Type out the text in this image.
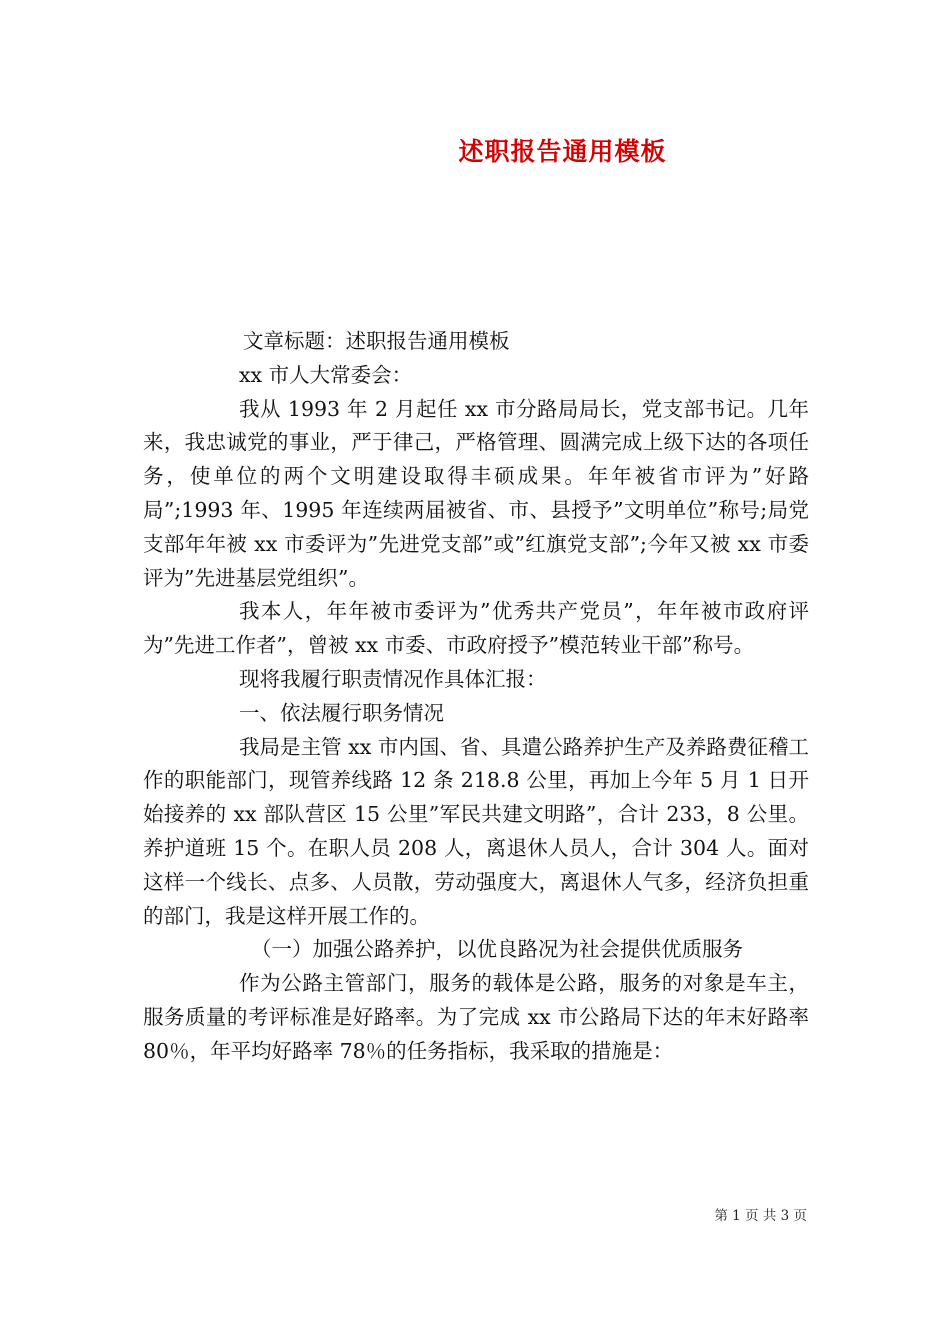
述职报告通用模板

文章标题：述职报告通用模板

xx 市人大常委会：

我从 1993 年 2 月起任 xx 市分路局局长，党支部书记。几年来，我忠诚党的事业，严于律己，严格管理、圆满完成上级下达的各项任务，使单位的两个文明建设取得丰硕成果。年年被省市评为”好路局”;1993 年、1995 年连续两届被省、市、县授予”文明单位”称号;局党支部年年被 xx 市委评为”先进党支部”或”红旗党支部”;今年又被 xx 市委评为”先进基层党组织”。

我本人，年年被市委评为”优秀共产党员”，年年被市政府评为”先进工作者”，曾被 xx 市委、市政府授予”模范转业干部”称号。

现将我履行职责情况作具体汇报：

一、依法履行职务情况

我局是主管 xx 市内国、省、具遣公路养护生产及养路费征稽工作的职能部门，现管养线路 12 条 218.8 公里，再加上今年 5 月 1 日开始接养的 xx 部队营区 15 公里”军民共建文明路”，合计 233，8 公里。养护道班 15 个。在职人员 208 人，离退休人员人，合计 304 人。面对这样一个线长、点多、人员散，劳动强度大，离退休人气多，经济负担重的部门，我是这样开展工作的。

（一）加强公路养护，以优良路况为社会提供优质服务

作为公路主管部门，服务的载体是公路，服务的对象是车主，服务质量的考评标准是好路率。为了完成 xx 市公路局下达的年末好路率 80％，年平均好路率 78％的任务指标，我采取的措施是：

第 1 页 共 3 页
